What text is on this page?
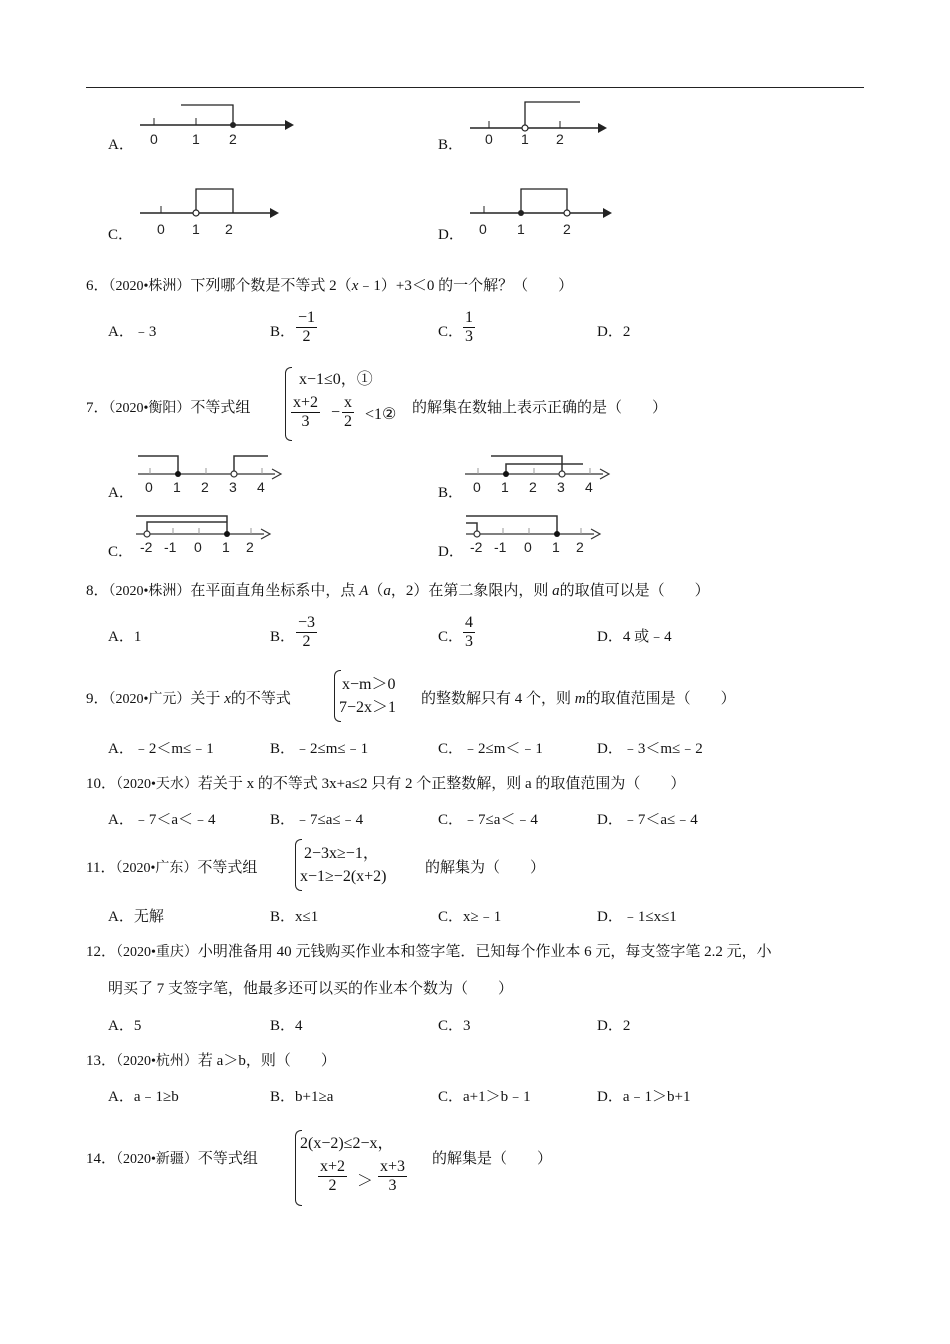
A． 0 1 2	0 1 2
0 1 2	0 1	2
B．
C．	D．
6．（2020•株洲）下列哪个数是不等式 2（x﹣1）+3＜0 的一个解？（　　）
A．﹣3	B． $\frac{-1}{2}$	C． $\frac{1}{3}$	D．2
7．（2020•衡阳）不等式组
x−1≤0，①
$\frac{x+2}{3} - \frac{x}{2}$ <1② 的解集在数轴上表示正确的是（　　）
0 1 2 3 4	0 1 2 3 4
-2 -1 0 1 2	-2 -1 0 1 2
A．	B．
C．	D．
8．（2020•株洲）在平面直角坐标系中，点 A（a，2）在第二象限内，则 a的取值可以是（　　）
A．1	B． $\frac{-3}{2}$	C． $\frac{4}{3}$	D．4 或﹣4
9．（2020•广元）关于 x的不等式
x−m＞0
7−2x＞1 的整数解只有 4 个，则 m的取值范围是（　　）
A．﹣2＜m≤﹣1	B．﹣2≤m≤﹣1	C．﹣2≤m＜﹣1	D．﹣3＜m≤﹣2
10．（2020•天水）若关于 x 的不等式 3x+a≤2 只有 2 个正整数解，则 a 的取值范围为（　　）
A．﹣7＜a＜﹣4	B．﹣7≤a≤﹣4	C．﹣7≤a＜﹣4	D．﹣7＜a≤﹣4
11．（2020•广东）不等式组
2−3x≥−1，
x−1≥−2(x+2)	的解集为（　　）
A．无解	B．x≤1	C．x≥﹣1	D．﹣1≤x≤1
12．（2020•重庆）小明准备用 40 元钱购买作业本和签字笔．已知每个作业本 6 元，每支签字笔 2.2 元，小
明买了 7 支签字笔，他最多还可以买的作业本个数为（　　）
A．5	B．4	C．3	D．2
13．（2020•杭州）若 a＞b，则（　　）
A．a﹣1≥b	B．b+1≥a	C．a+1＞b﹣1	D．a﹣1＞b+1
14．（2020•新疆）不等式组
2(x−2)≤2−x，
$\frac{x+2}{2} > \frac{x+3}{3}$ 的解集是（　　）
